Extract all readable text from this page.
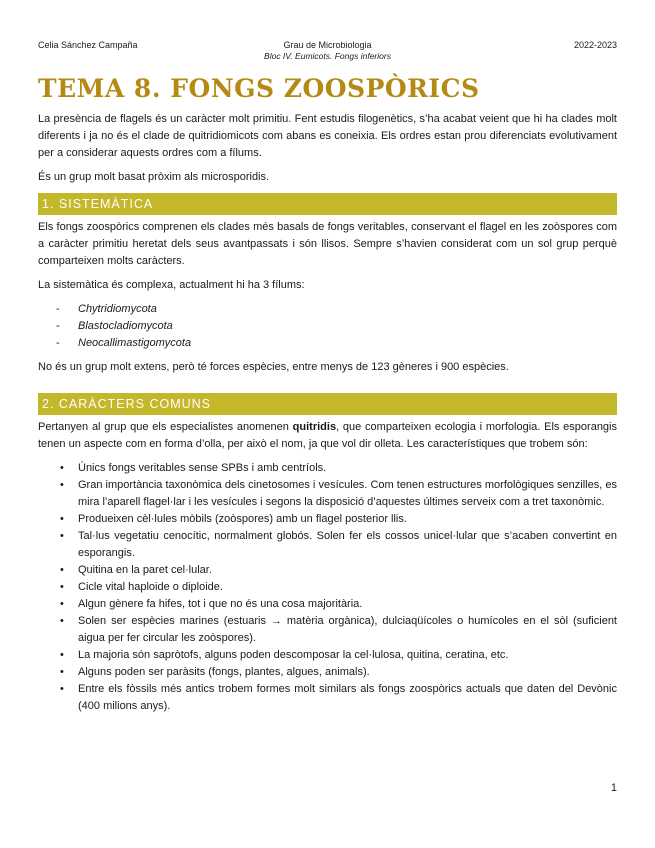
Celia Sánchez Campaña	Grau de Microbiologia
Bloc IV. Eumicots. Fongs inferiors
2022-2023
TEMA 8. FONGS ZOOSPÒRICS

La presència de flagels és un caràcter molt primitiu. Fent estudis filogenètics, s’ha acabat veient que hi ha clades molt diferents i ja no és el clade de quitridiomicots com abans es coneixia. Els ordres estan prou diferenciats evolutivament per a considerar aquests ordres com a fílums.

És un grup molt basat pròxim als microsporidis.

1. SISTEMÀTICA

Els fongs zoospòrics comprenen els clades més basals de fongs veritables, conservant el flagel en les zoòspores com a caràcter primitiu heretat dels seus avantpassats i són llisos. Sempre s’havien considerat com un sol grup perquè comparteixen molts caràcters.

La sistemàtica és complexa, actualment hi ha 3 fílums:

- Chytridiomycota
- Blastocladiomycota
- Neocallimastigomycota

No és un grup molt extens, però té forces espècies, entre menys de 123 gèneres i 900 espècies.

2. CARÀCTERS COMUNS

Pertanyen al grup que els especialistes anomenen quitridis, que comparteixen ecologia i morfologia. Els esporangis tenen un aspecte com en forma d’olla, per això el nom, ja que vol dir olleta. Les característiques que trobem són:

• Únics fongs veritables sense SPBs i amb centríols.
• Gran importància taxonòmica dels cinetosomes i vesícules. Com tenen estructures morfològiques senzilles, es mira l’aparell flagel·lar i les vesícules i segons la disposició d’aquestes últimes serveix com a tret taxonòmic.
• Produeixen cèl·lules mòbils (zoòspores) amb un flagel posterior llis.
• Tal·lus vegetatiu cenocític, normalment globós. Solen fer els cossos unicel·lular que s’acaben convertint en esporangis.
• Quitina en la paret cel·lular.
• Cicle vital haploide o diploide.
• Algun gènere fa hifes, tot i que no és una cosa majoritària.
• Solen ser espècies marines (estuaris → matèria orgànica), dulciaqüícoles o humícoles en el sòl (suficient aigua per fer circular les zoòspores).
• La majoria són sapròtofs, alguns poden descomposar la cel·lulosa, quitina, ceratina, etc.
• Alguns poden ser paràsits (fongs, plantes, algues, animals).
• Entre els fòssils més antics trobem formes molt similars als fongs zoospòrics actuals que daten del Devònic (400 milions anys).
1
